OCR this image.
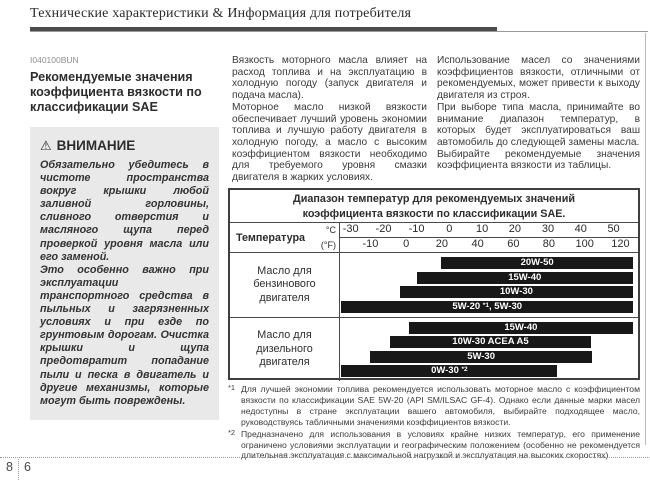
Технические характеристики & Информация для потребителя
I040100BUN
Рекомендуемые значения коэффициента вязкости по классификации SAE
⚠ ВНИМАНИЕ

Обязательно убедитесь в чистоте пространства вокруг крышки любой заливной горловины, сливного отверстия и масляного щупа перед проверкой уровня масла или его заменой.

Это особенно важно при эксплуатации транспортного средства в пыльных и загрязненных условиях и при езде по грунтовым дорогам. Очистка крышки и щупа предотвратит попадание пыли и песка в двигатель и другие механизмы, которые могут быть повреждены.

Вязкость моторного масла влияет на расход топлива и на эксплуатацию в холодную погоду (запуск двигателя и подача масла).

Моторное масло низкой вязкости обеспечивает лучший уровень экономии топлива и лучшую работу двигателя в холодную погоду, а масло с высоким коэффициентом вязкости необходимо для требуемого уровня смазки двигателя в жарких условиях.

Использование масел со значениями коэффициентов вязкости, отличными от рекомендуемых, может привести к выходу двигателя из строя.

При выборе типа масла, принимайте во внимание диапазон температур, в которых будет эксплуатироваться ваш автомобиль до следующей замены масла.

Выбирайте рекомендуемые значения коэффициента вязкости из таблицы.

Диапазон температур для рекомендуемых значений коэффициента вязкости по классификации SAE.
Температура
°C
(°F)
-30 -20 -10 0 10 20 30 40 50
-10 0 20 40 60 80 100 120
Масло для бензинового двигателя
20W-50
15W-40
10W-30
5W-20 $^{*1}$, 5W-30
Масло для дизельного двигателя
15W-40
10W-30 ACEA A5
5W-30
0W-30 $^{*2}$
*1 Для лучшей экономии топлива рекомендуется использовать моторное масло с коэффициентом вязкости по классификации SAE 5W-20 (API SM/ILSAC GF-4). Однако если данные марки масел недоступны в стране эксплуатации вашего автомобиля, выбирайте подходящее масло, руководствуясь табличными значениями коэффициентов вязкости.
*2 Предназначено для использования в условиях крайне низких температур, его применение ограничено условиями эксплуатации и географическим положением (особенно не рекомендуется длительная эксплуатация с максимальной нагрузкой и эксплуатация на высоких скоростях).
8 6
